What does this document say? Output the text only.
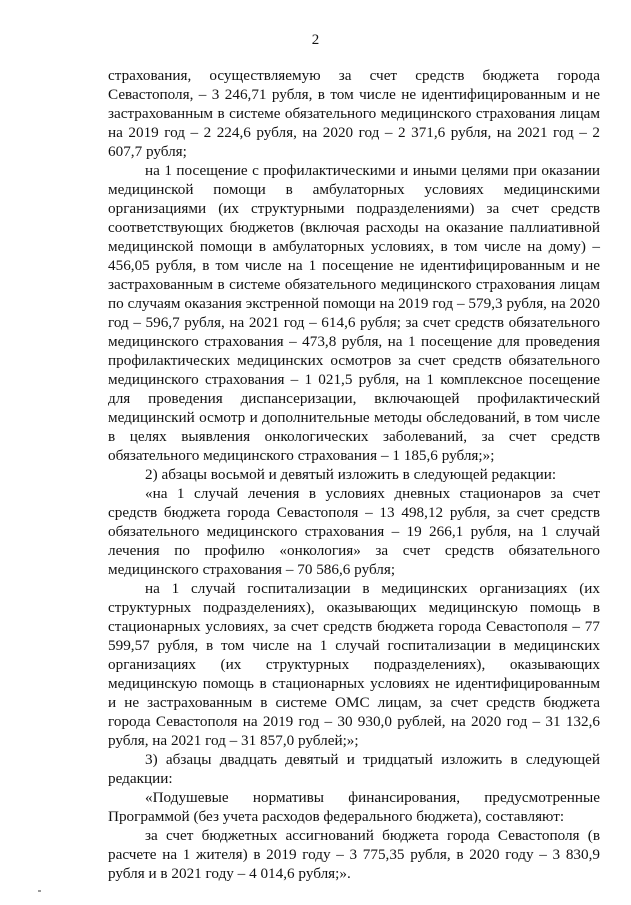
2

страхования, осуществляемую за счет средств бюджета города Севастополя, – 3 246,71 рубля, в том числе не идентифицированным и не застрахованным в системе обязательного медицинского страхования лицам на 2019 год – 2 224,6 рубля, на 2020 год – 2 371,6 рубля, на 2021 год – 2 607,7 рубля;

на 1 посещение с профилактическими и иными целями при оказании медицинской помощи в амбулаторных условиях медицинскими организациями (их структурными подразделениями) за счет средств соответствующих бюджетов (включая расходы на оказание паллиативной медицинской помощи в амбулаторных условиях, в том числе на дому) – 456,05 рубля, в том числе на 1 посещение не идентифицированным и не застрахованным в системе обязательного медицинского страхования лицам по случаям оказания экстренной помощи на 2019 год – 579,3 рубля, на 2020 год – 596,7 рубля, на 2021 год – 614,6 рубля; за счет средств обязательного медицинского страхования – 473,8 рубля, на 1 посещение для проведения профилактических медицинских осмотров за счет средств обязательного медицинского страхования – 1 021,5 рубля, на 1 комплексное посещение для проведения диспансеризации, включающей профилактический медицинский осмотр и дополнительные методы обследований, в том числе в целях выявления онкологических заболеваний, за счет средств обязательного медицинского страхования – 1 185,6 рубля;»;

2) абзацы восьмой и девятый изложить в следующей редакции:

«на 1 случай лечения в условиях дневных стационаров за счет средств бюджета города Севастополя – 13 498,12 рубля, за счет средств обязательного медицинского страхования – 19 266,1 рубля, на 1 случай лечения по профилю «онкология» за счет средств обязательного медицинского страхования – 70 586,6 рубля;

на 1 случай госпитализации в медицинских организациях (их структурных подразделениях), оказывающих медицинскую помощь в стационарных условиях, за счет средств бюджета города Севастополя – 77 599,57 рубля, в том числе на 1 случай госпитализации в медицинских организациях (их структурных подразделениях), оказывающих медицинскую помощь в стационарных условиях не идентифицированным и не застрахованным в системе ОМС лицам, за счет средств бюджета города Севастополя на 2019 год – 30 930,0 рублей, на 2020 год – 31 132,6 рубля, на 2021 год – 31 857,0 рублей;»;

3) абзацы двадцать девятый и тридцатый изложить в следующей редакции:

«Подушевые нормативы финансирования, предусмотренные Программой (без учета расходов федерального бюджета), составляют:

за счет бюджетных ассигнований бюджета города Севастополя (в расчете на 1 жителя) в 2019 году – 3 775,35 рубля, в 2020 году – 3 830,9 рубля и в 2021 году – 4 014,6 рубля;».
